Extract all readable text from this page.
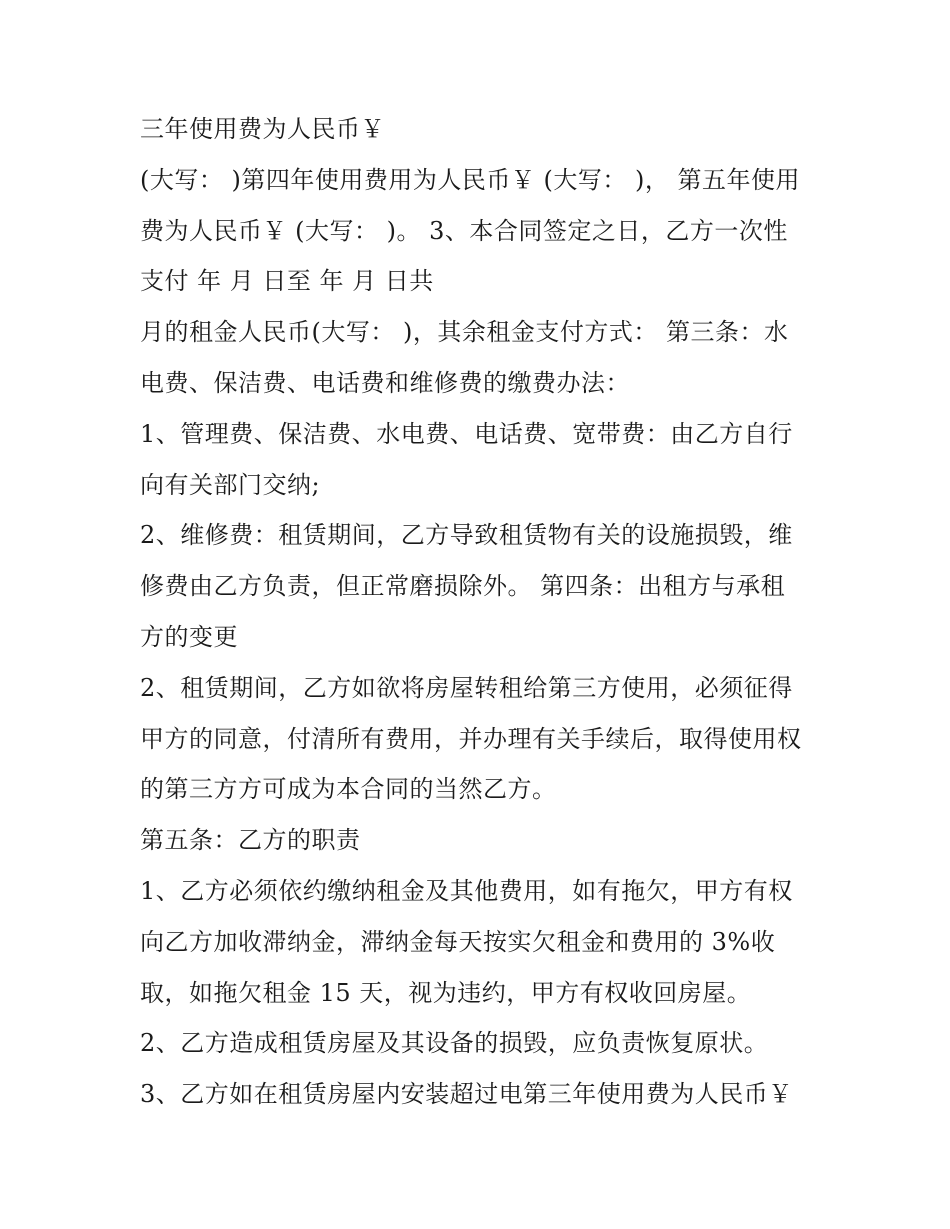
三年使用费为人民币￥
(大写： )第四年使用费用为人民币￥ (大写： )， 第五年使用
费为人民币￥ (大写： )。 3、本合同签定之日，乙方一次性
支付 年 月 日至 年 月 日共
月的租金人民币(大写： )，其余租金支付方式： 第三条：水
电费、保洁费、电话费和维修费的缴费办法：
1、管理费、保洁费、水电费、电话费、宽带费：由乙方自行
向有关部门交纳;
2、维修费：租赁期间，乙方导致租赁物有关的设施损毁，维
修费由乙方负责，但正常磨损除外。 第四条：出租方与承租
方的变更
2、租赁期间，乙方如欲将房屋转租给第三方使用，必须征得
甲方的同意，付清所有费用，并办理有关手续后，取得使用权
的第三方方可成为本合同的当然乙方。
第五条：乙方的职责
1、乙方必须依约缴纳租金及其他费用，如有拖欠，甲方有权
向乙方加收滞纳金，滞纳金每天按实欠租金和费用的 3%收
取，如拖欠租金 15 天，视为违约，甲方有权收回房屋。
2、乙方造成租赁房屋及其设备的损毁，应负责恢复原状。
3、乙方如在租赁房屋内安装超过电第三年使用费为人民币￥
